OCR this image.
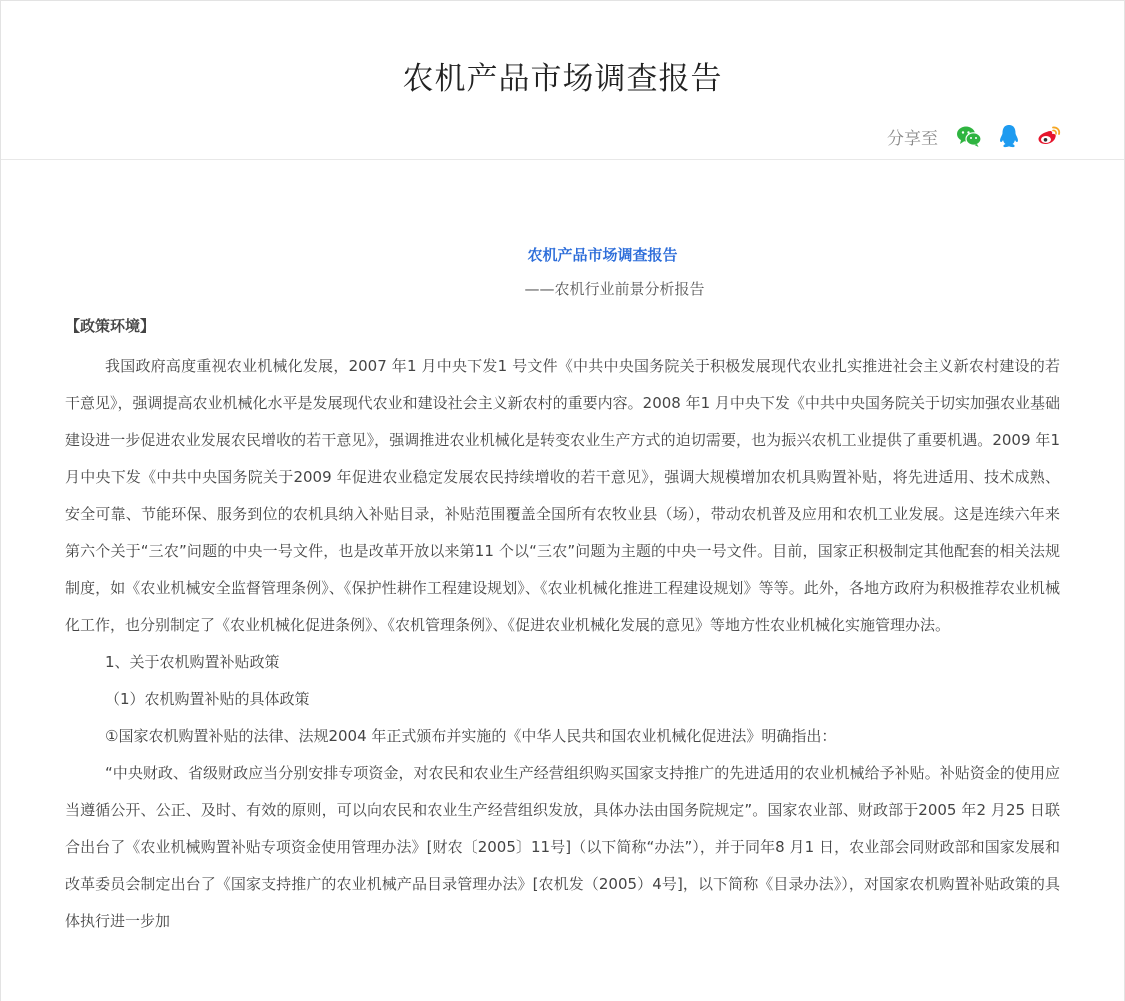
农机产品市场调查报告
分享至
农机产品市场调查报告
——农机行业前景分析报告
【政策环境】

我国政府高度重视农业机械化发展，2007 年1 月中央下发1 号文件《中共中央国务院关于积极发展现代农业扎实推进社会主义新农村建设的若干意见》，强调提高农业机械化水平是发展现代农业和建设社会主义新农村的重要内容。2008 年1 月中央下发《中共中央国务院关于切实加强农业基础建设进一步促进农业发展农民增收的若干意见》，强调推进农业机械化是转变农业生产方式的迫切需要，也为振兴农机工业提供了重要机遇。2009 年1 月中央下发《中共中央国务院关于2009 年促进农业稳定发展农民持续增收的若干意见》，强调大规模增加农机具购置补贴，将先进适用、技术成熟、安全可靠、节能环保、服务到位的农机具纳入补贴目录，补贴范围覆盖全国所有农牧业县（场），带动农机普及应用和农机工业发展。这是连续六年来第六个关于“三农”问题的中央一号文件，也是改革开放以来第11 个以“三农”问题为主题的中央一号文件。目前，国家正积极制定其他配套的相关法规制度，如《农业机械安全监督管理条例》、《保护性耕作工程建设规划》、《农业机械化推进工程建设规划》等等。此外，各地方政府为积极推荐农业机械化工作，也分别制定了《农业机械化促进条例》、《农机管理条例》、《促进农业机械化发展的意见》等地方性农业机械化实施管理办法。

1、关于农机购置补贴政策

（1）农机购置补贴的具体政策

①国家农机购置补贴的法律、法规2004 年正式颁布并实施的《中华人民共和国农业机械化促进法》明确指出：

“中央财政、省级财政应当分别安排专项资金，对农民和农业生产经营组织购买国家支持推广的先进适用的农业机械给予补贴。补贴资金的使用应当遵循公开、公正、及时、有效的原则，可以向农民和农业生产经营组织发放，具体办法由国务院规定”。国家农业部、财政部于2005 年2 月25 日联合出台了《农业机械购置补贴专项资金使用管理办法》[财农〔2005〕11号]（以下简称“办法”），并于同年8 月1 日，农业部会同财政部和国家发展和改革委员会制定出台了《国家支持推广的农业机械产品目录管理办法》[农机发（2005）4号]，以下简称《目录办法》），对国家农机购置补贴政策的具体执行进一步加
